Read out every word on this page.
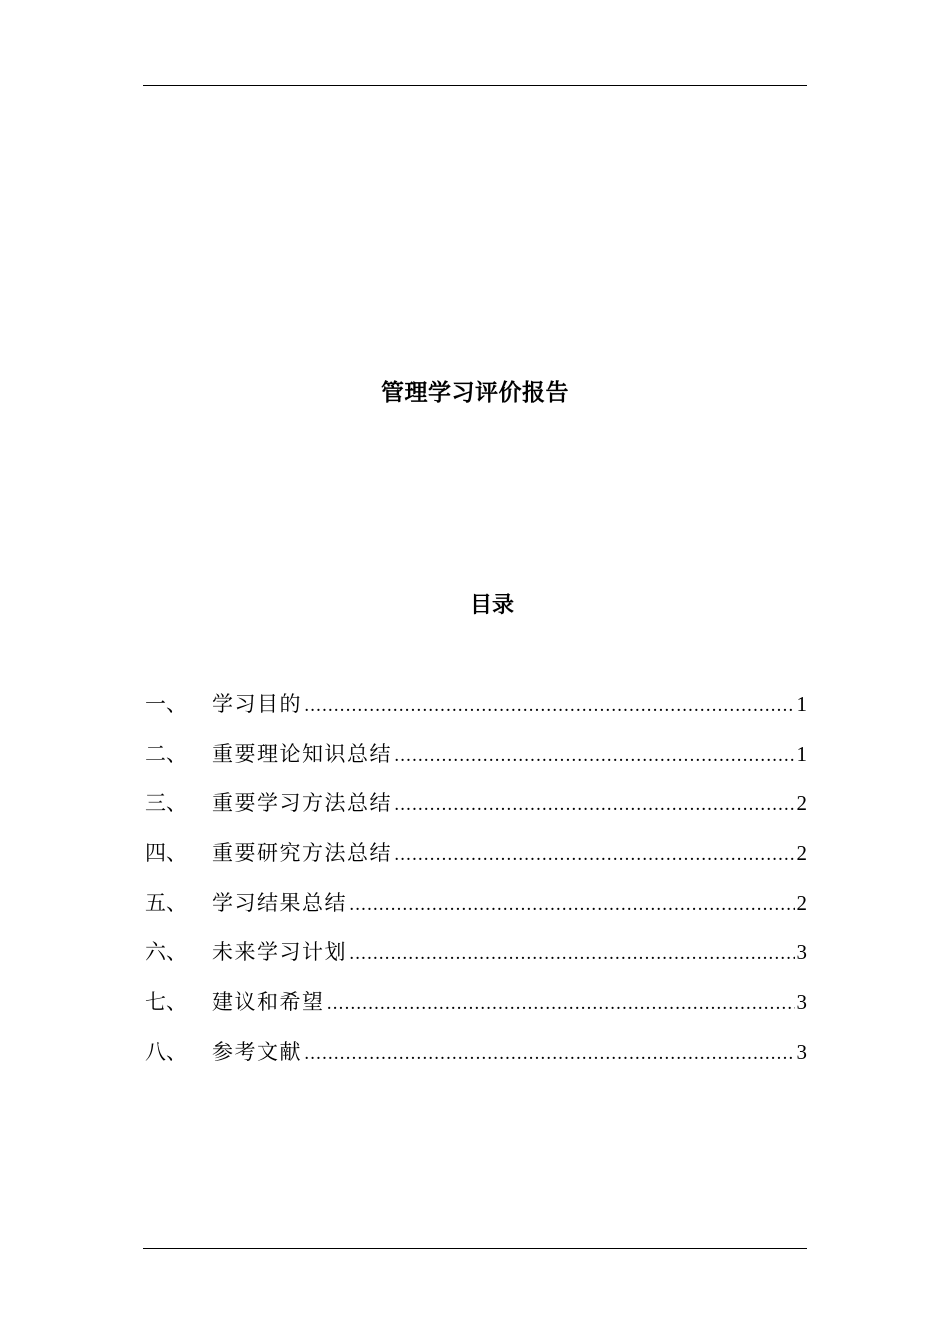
管理学习评价报告
目录
一、	学习目的 .....	1
二、	重要理论知识总结 .....	1
三、	重要学习方法总结 .....	2
四、	重要研究方法总结 .....	2
五、	学习结果总结 .....	2
六、	未来学习计划 .....	3
七、	建议和希望 .....	3
八、	参考文献 .....	3
